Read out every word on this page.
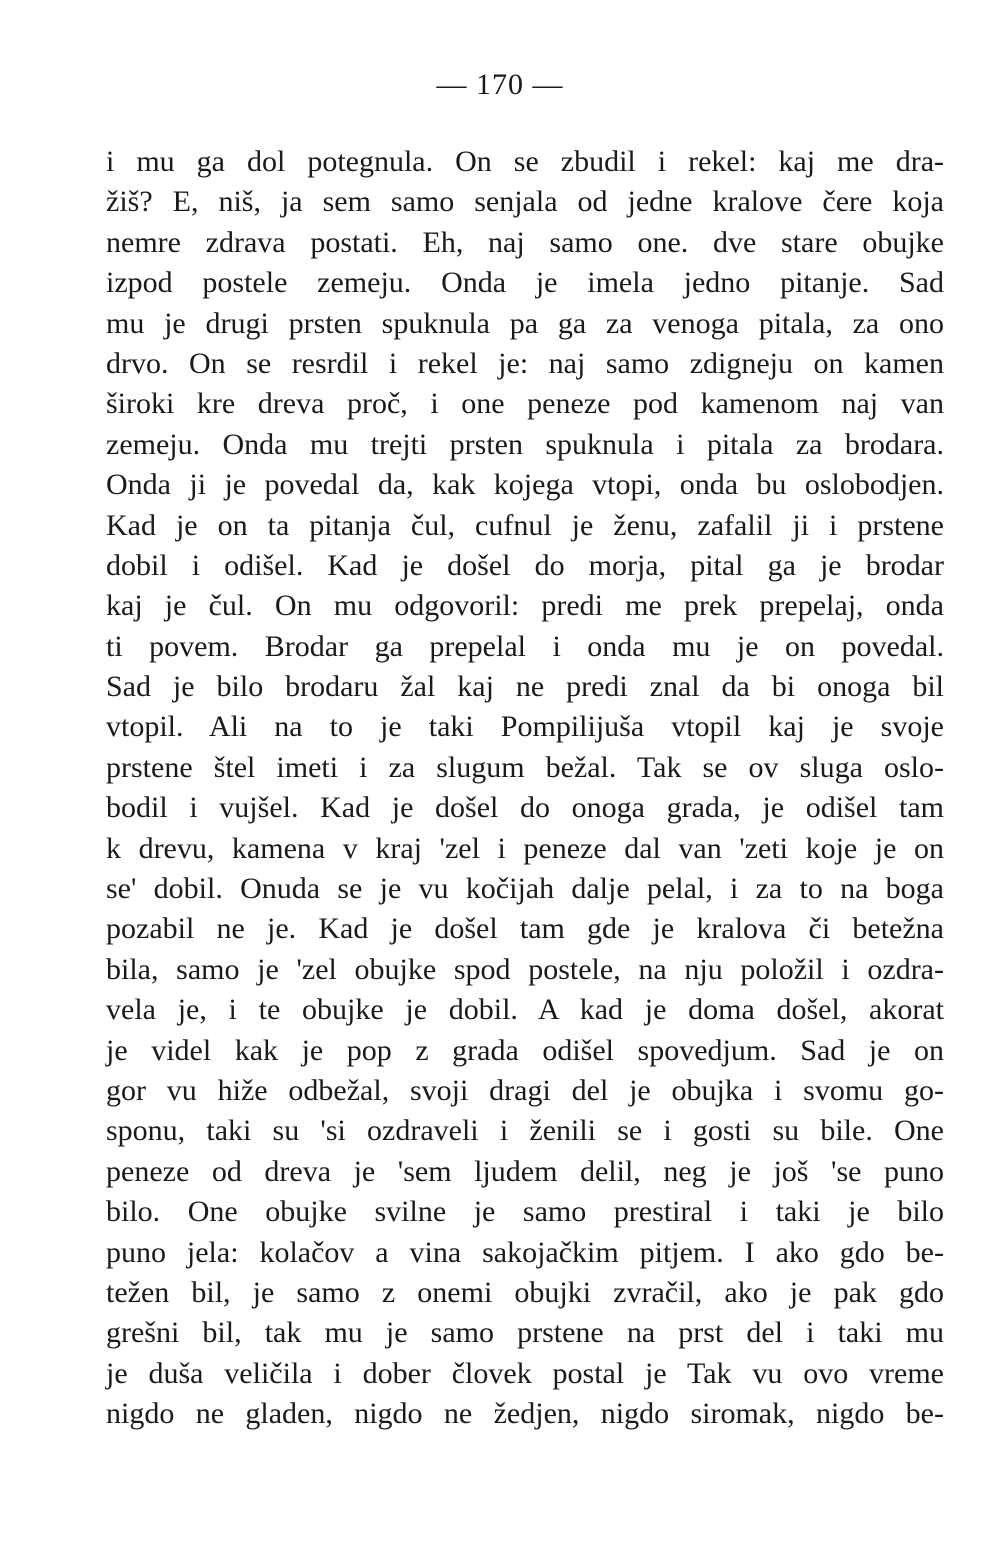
— 170 —
i mu ga dol potegnula. On se zbudil i rekel: kaj me dra-
žiš? E, niš, ja sem samo senjala od jedne kralove čere koja
nemre zdrava postati. Eh, naj samo one. dve stare obujke
izpod postele zemeju. Onda je imela jedno pitanje. Sad
mu je drugi prsten spuknula pa ga za venoga pitala, za ono
drvo. On se resrdil i rekel je: naj samo zdigneju on kamen
široki kre dreva proč, i one peneze pod kamenom naj van
zemeju. Onda mu trejti prsten spuknula i pitala za brodara.
Onda ji je povedal da, kak kojega vtopi, onda bu oslobodjen.
Kad je on ta pitanja čul, cufnul je ženu, zafalil ji i prstene
dobil i odišel. Kad je došel do morja, pital ga je brodar
kaj je čul. On mu odgovoril: predi me prek prepelaj, onda
ti povem. Brodar ga prepelal i onda mu je on povedal.
Sad je bilo brodaru žal kaj ne predi znal da bi onoga bil
vtopil. Ali na to je taki Pompilijuša vtopil kaj je svoje
prstene štel imeti i za slugum bežal. Tak se ov sluga oslo-
bodil i vujšel. Kad je došel do onoga grada, je odišel tam
k drevu, kamena v kraj 'zel i peneze dal van 'zeti koje je on
se' dobil. Onuda se je vu kočijah dalje pelal, i za to na boga
pozabil ne je. Kad je došel tam gde je kralova či betežna
bila, samo je 'zel obujke spod postele, na nju položil i ozdra-
vela je, i te obujke je dobil. A kad je doma došel, akorat
je videl kak je pop z grada odišel spovedjum. Sad je on
gor vu hiže odbežal, svoji dragi del je obujka i svomu go-
sponu, taki su 'si ozdraveli i ženili se i gosti su bile. One
peneze od dreva je 'sem ljudem delil, neg je još 'se puno
bilo. One obujke svilne je samo prestiral i taki je bilo
puno jela: kolačov a vina sakojačkim pitjem. I ako gdo be-
težen bil, je samo z onemi obujki zvračil, ako je pak gdo
grešni bil, tak mu je samo prstene na prst del i taki mu
je duša veličila i dober človek postal je Tak vu ovo vreme
nigdo ne gladen, nigdo ne žedjen, nigdo siromak, nigdo be-
